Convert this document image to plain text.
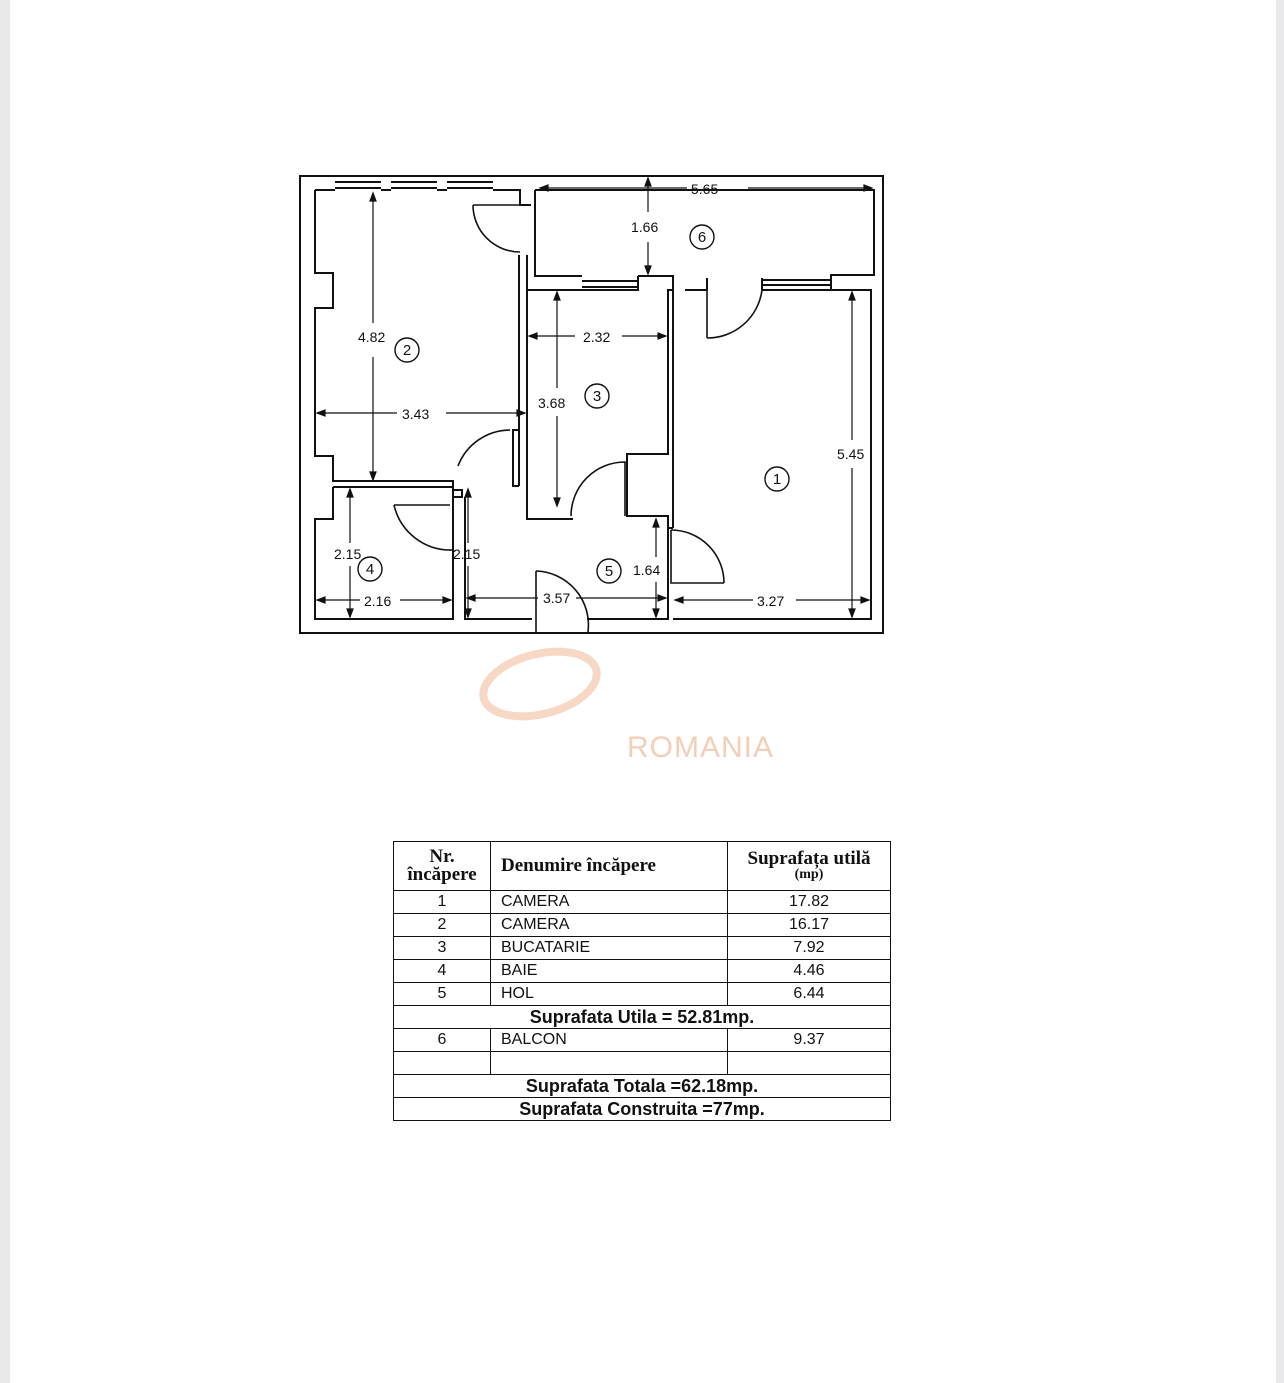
5.65
1.66
4.82
3.43
2.32
3.68
5.45
2.15	2.15
2.16	3.57
1.64
3.27
1
2
3
4	5
6
ROMANIA
Nr.
încăpere	Denumire încăpere	Suprafața utilă
(mp)

1	CAMERA	17.82
2	CAMERA	16.17
3	BUCATARIE	7.92
4	BAIE	4.46
5	HOL	6.44
Suprafata Utila = 52.81mp.		
6	BALCON	9.37

Suprafata Totala =62.18mp.		
Suprafata Construita =77mp.		
